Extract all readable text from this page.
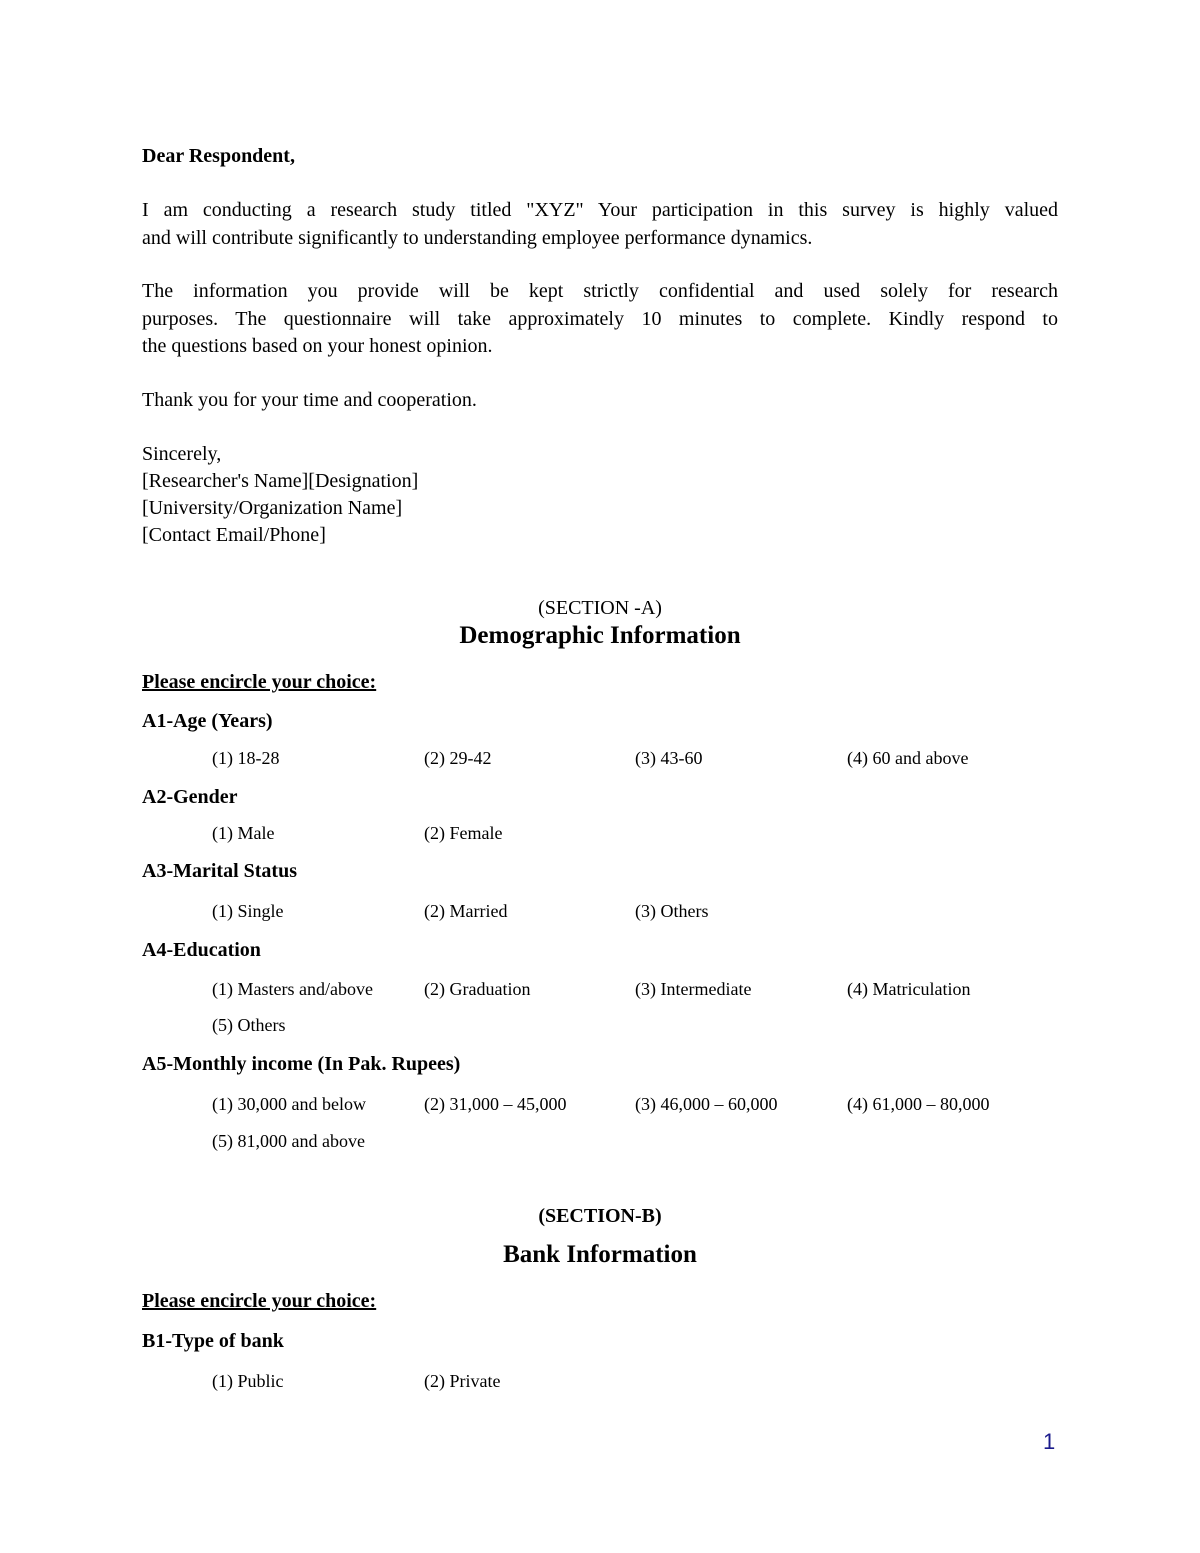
Dear Respondent,
I am conducting a research study titled "XYZ" Your participation in this survey is highly valued
and will contribute significantly to understanding employee performance dynamics.
The information you provide will be kept strictly confidential and used solely for research
purposes. The questionnaire will take approximately 10 minutes to complete. Kindly respond to
the questions based on your honest opinion.
Thank you for your time and cooperation.
Sincerely,
[Researcher's Name][Designation]
[University/Organization Name]
[Contact Email/Phone]
(SECTION -A)
Demographic Information
Please encircle your choice:
A1-Age (Years)
(1) 18-28	(2) 29-42	(3) 43-60	(4) 60 and above
A2-Gender
(1) Male	(2) Female
A3-Marital Status
(1) Single	(2) Married	(3) Others
A4-Education
(1) Masters and/above	(2) Graduation	(3) Intermediate	(4) Matriculation
(5) Others
A5-Monthly income (In Pak. Rupees)
(1) 30,000 and below	(2) 31,000 – 45,000	(3) 46,000 – 60,000	(4) 61,000 – 80,000
(5) 81,000 and above
(SECTION-B)
Bank Information
Please encircle your choice:
B1-Type of bank
(1) Public	(2) Private
1
